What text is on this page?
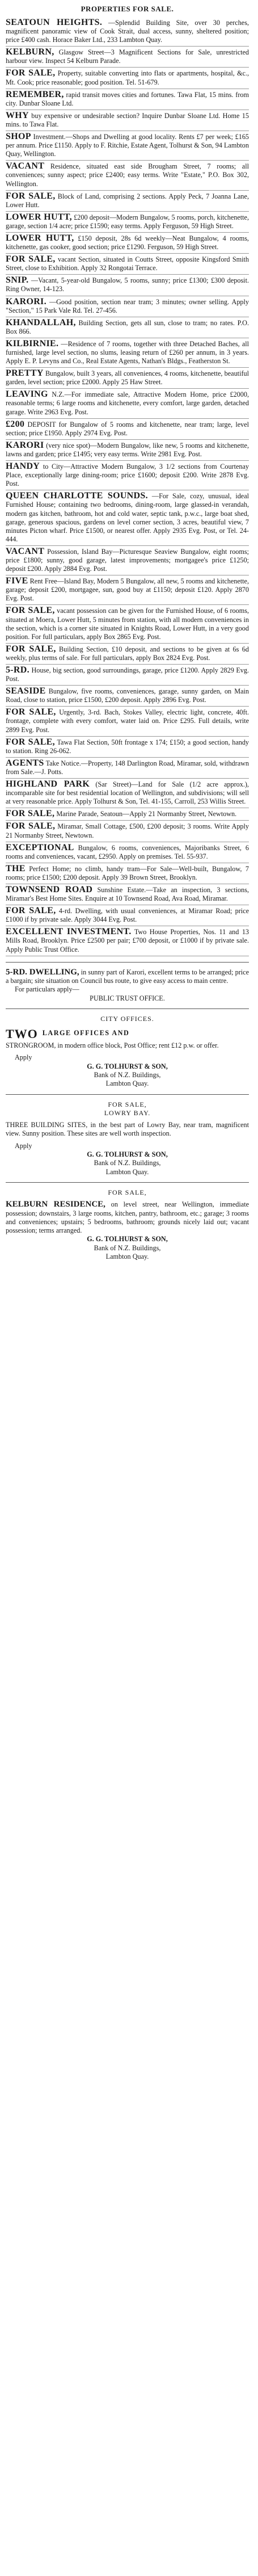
PROPERTIES FOR SALE.
SEATOUN HEIGHTS. —Splendid Building Site, over 30 perches, magnificent panoramic view of Cook Strait, dual access, sunny, sheltered position; price £400 cash. Horace Baker Ltd., 233 Lambton Quay.
KELBURN, Glasgow Street—3 Magnificent Sections for Sale, unrestricted harbour view. Inspect 54 Kelburn Parade.
FOR SALE, Property, suitable converting into flats or apartments, hospital, &c., Mt. Cook; price reasonable; good position. Tel. 51-679.
REMEMBER, rapid transit moves cities and fortunes. Tawa Flat, 15 mins. from city. Dunbar Sloane Ltd.
WHY buy expensive or undesirable section? Inquire Dunbar Sloane Ltd. Home 15 mins. to Tawa Flat.
SHOP Investment.—Shops and Dwelling at good locality. Rents £7 per week; £165 per annum. Price £1150. Apply to F. Ritchie, Estate Agent, Tolhurst & Son, 94 Lambton Quay, Wellington.
VACANT Residence, situated east side Brougham Street, 7 rooms; all conveniences; sunny aspect; price £2400; easy terms. Write "Estate," P.O. Box 302, Wellington.
FOR SALE, Block of Land, comprising 2 sections. Apply Peck, 7 Joanna Lane, Lower Hutt.
LOWER HUTT, £200 deposit—Modern Bungalow, 5 rooms, porch, kitchenette, garage, section 1/4 acre; price £1590; easy terms. Apply Ferguson, 59 High Street.
LOWER HUTT, £150 deposit, 28s 6d weekly—Neat Bungalow, 4 rooms, kitchenette, gas cooker, good section; price £1290. Ferguson, 59 High Street.
FOR SALE, vacant Section, situated in Coutts Street, opposite Kingsford Smith Street, close to Exhibition. Apply 32 Rongotai Terrace.
SNIP. —Vacant, 5-year-old Bungalow, 5 rooms, sunny; price £1300; £300 deposit. Ring Owner, 14-123.
KARORI. —Good position, section near tram; 3 minutes; owner selling. Apply "Section," 15 Park Vale Rd. Tel. 27-456.
KHANDALLAH, Building Section, gets all sun, close to tram; no rates. P.O. Box 866.
KILBIRNIE. —Residence of 7 rooms, together with three Detached Baches, all furnished, large level section, no slums, leasing return of £260 per annum, in 3 years. Apply E. P. Levyns and Co., Real Estate Agents, Nathan's Bldgs., Featherston St.
PRETTY Bungalow, built 3 years, all conveniences, 4 rooms, kitchenette, beautiful garden, level section; price £2000. Apply 25 Haw Street.
LEAVING N.Z.—For immediate sale, Attractive Modern Home, price £2000, reasonable terms; 6 large rooms and kitchenette, every comfort, large garden, detached garage. Write 2963 Evg. Post.
£200 DEPOSIT for Bungalow of 5 rooms and kitchenette, near tram; large, level section; price £1950. Apply 2974 Evg. Post.
KARORI (very nice spot)—Modern Bungalow, like new, 5 rooms and kitchenette, lawns and garden; price £1495; very easy terms. Write 2981 Evg. Post.
HANDY to City—Attractive Modern Bungalow, 3 1/2 sections from Courtenay Place, exceptionally large dining-room; price £1600; deposit £200. Write 2878 Evg. Post.
QUEEN CHARLOTTE SOUNDS. —For Sale, cozy, unusual, ideal Furnished House; containing two bedrooms, dining-room, large glassed-in verandah, modern gas kitchen, bathroom, hot and cold water, septic tank, p.w.c., large boat shed, garage, generous spacious, gardens on level corner section, 3 acres, beautiful view, 7 minutes Picton wharf. Price £1500, or nearest offer. Apply 2935 Evg. Post, or Tel. 24-444.
VACANT Possession, Island Bay—Picturesque Seaview Bungalow, eight rooms; price £1800; sunny, good garage, latest improvements; mortgagee's price £1250; deposit £200. Apply 2884 Evg. Post.
FIVE Rent Free—Island Bay, Modern 5 Bungalow, all new, 5 rooms and kitchenette, garage; deposit £200, mortgagee, sun, good buy at £1150; deposit £120. Apply 2870 Evg. Post.
FOR SALE, vacant possession can be given for the Furnished House, of 6 rooms, situated at Moera, Lower Hutt, 5 minutes from station, with all modern conveniences in the section, which is a corner site situated in Knights Road, Lower Hutt, in a very good position. For full particulars, apply Box 2865 Evg. Post.
FOR SALE, Building Section, £10 deposit, and sections to be given at 6s 6d weekly, plus terms of sale. For full particulars, apply Box 2824 Evg. Post.
5-RD. House, big section, good surroundings, garage, price £1200. Apply 2829 Evg. Post.
SEASIDE Bungalow, five rooms, conveniences, garage, sunny garden, on Main Road, close to station, price £1500, £200 deposit. Apply 2896 Evg. Post.
FOR SALE, Urgently, 3-rd. Bach, Stokes Valley, electric light, concrete, 40ft. frontage, complete with every comfort, water laid on. Price £295. Full details, write 2899 Evg. Post.
FOR SALE, Tawa Flat Section, 50ft frontage x 174; £150; a good section, handy to station. Ring 26-062.
AGENTS Take Notice.—Property, 148 Darlington Road, Miramar, sold, withdrawn from Sale.—J. Potts.
HIGHLAND PARK (Sar Street)—Land for Sale (1/2 acre approx.), incomparable site for best residential location of Wellington, and subdivisions; will sell at very reasonable price. Apply Tolhurst & Son, Tel. 41-155, Carroll, 253 Willis Street.
FOR SALE, Marine Parade, Seatoun—Apply 21 Normanby Street, Newtown.
FOR SALE, Miramar, Small Cottage, £500, £200 deposit; 3 rooms. Write Apply 21 Normanby Street, Newtown.
EXCEPTIONAL Bungalow, 6 rooms, conveniences, Majoribanks Street, 6 rooms and conveniences, vacant, £2950. Apply on premises. Tel. 55-937.
THE Perfect Home; no climb, handy tram—For Sale—Well-built, Bungalow, 7 rooms; price £1500; £200 deposit. Apply 39 Brown Street, Brooklyn.
TOWNSEND ROAD Sunshine Estate.—Take an inspection, 3 sections, Miramar's Best Home Sites. Enquire at 10 Townsend Road, Ava Road, Miramar.
FOR SALE, 4-rd. Dwelling, with usual conveniences, at Miramar Road; price £1000 if by private sale. Apply 3044 Evg. Post.
EXCELLENT INVESTMENT. Two House Properties, Nos. 11 and 13 Mills Road, Brooklyn. Price £2500 per pair; £700 deposit, or £1000 if by private sale. Apply Public Trust Office.
5-RD. DWELLING, in sunny part of Karori, excellent terms to be arranged; price a bargain; site situation on Council bus route, to give easy access to main centre.
For particulars apply—
PUBLIC TRUST OFFICE.
CITY OFFICES.
TWO LARGE OFFICES AND
STRONGROOM, in modern office block, Post Office; rent £12 p.w. or offer.
Apply
G. G. TOLHURST & SON,
Bank of N.Z. Buildings,
Lambton Quay.
FOR SALE,
LOWRY BAY.
THREE BUILDING SITES, in the best part of Lowry Bay, near tram, magnificent view. Sunny position. These sites are well worth inspection.
Apply
G. G. TOLHURST & SON,
Bank of N.Z. Buildings,
Lambton Quay.
FOR SALE,
KELBURN RESIDENCE, on level street, near Wellington, immediate possession; downstairs, 3 large rooms, kitchen, pantry, bathroom, etc.; garage; 3 rooms and conveniences; upstairs; 5 bedrooms, bathroom; grounds nicely laid out; vacant possession; terms arranged.
G. G. TOLHURST & SON,
Bank of N.Z. Buildings,
Lambton Quay.
